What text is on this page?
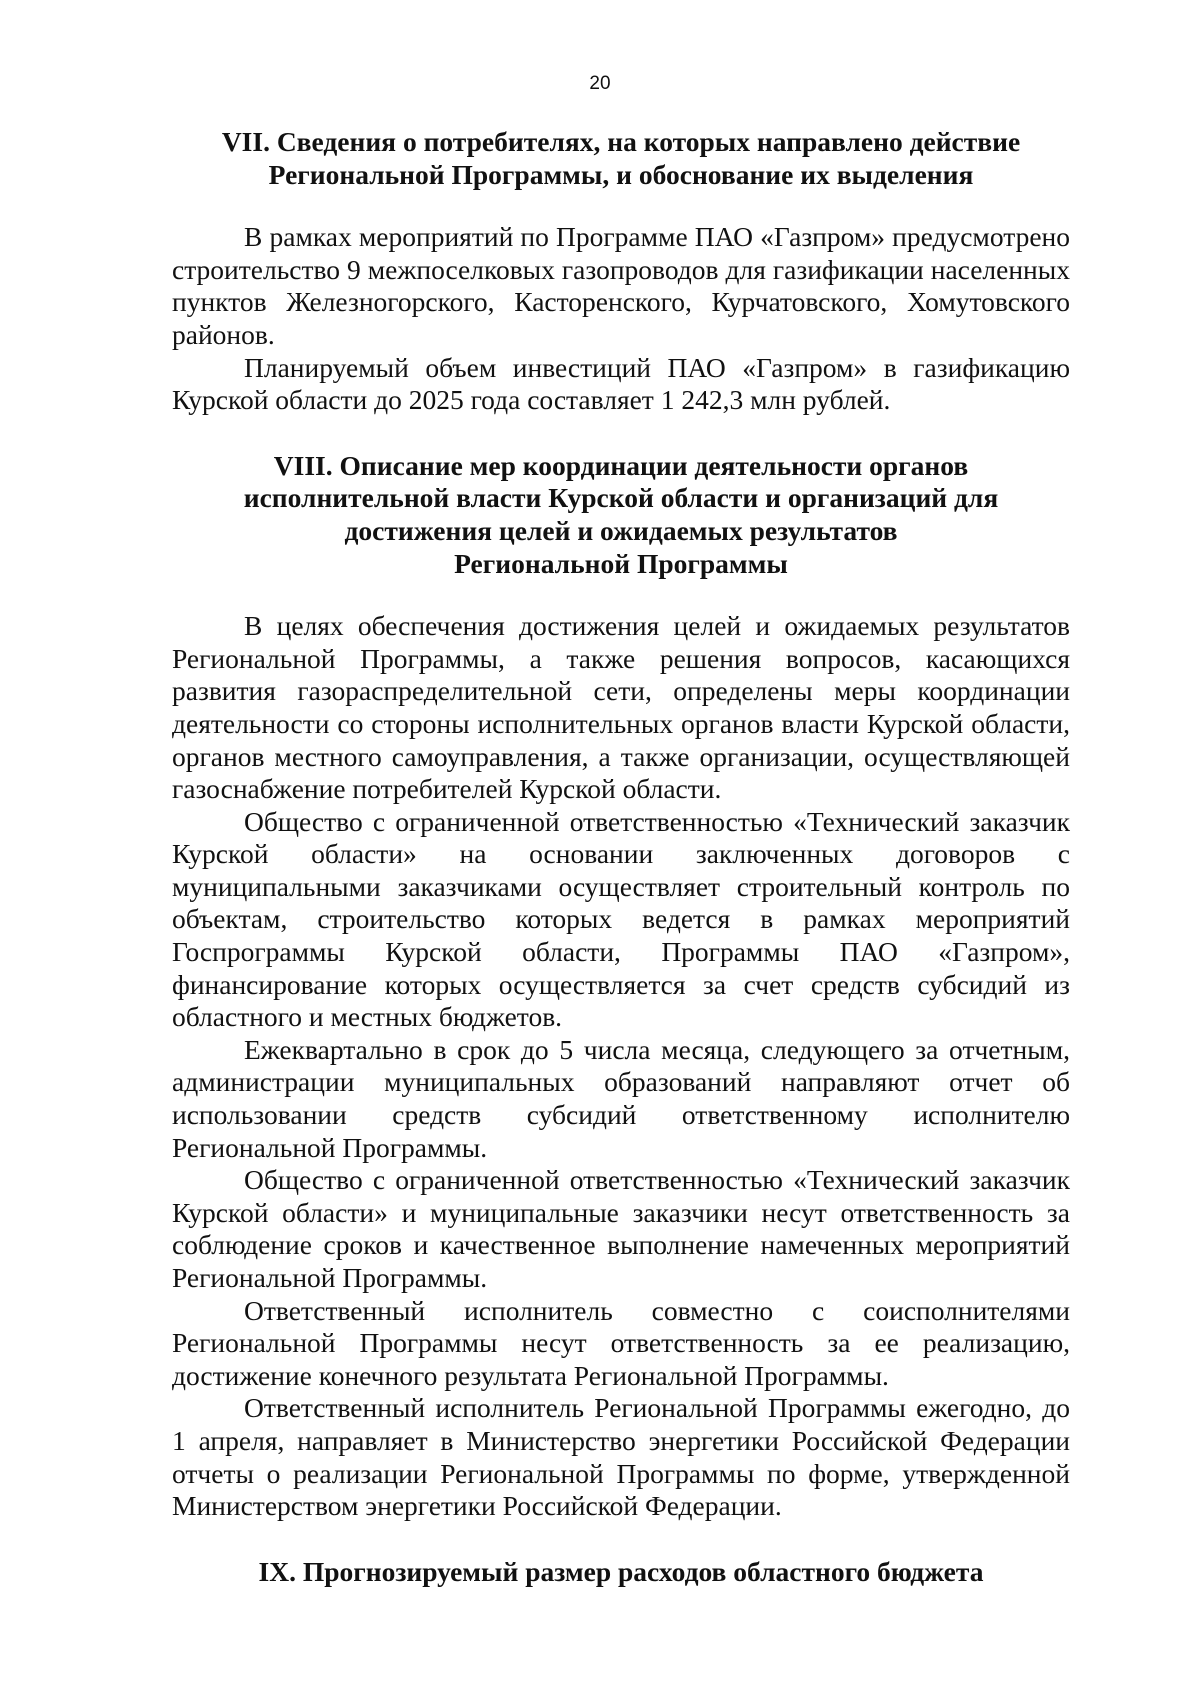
20
VII. Сведения о потребителях, на которых направлено действие
Региональной Программы, и обоснование их выделения

В рамках мероприятий по Программе ПАО «Газпром» предусмотрено строительство 9 межпоселковых газопроводов для газификации населенных пунктов Железногорского, Касторенского, Курчатовского, Хомутовского районов.

Планируемый объем инвестиций ПАО «Газпром» в газификацию Курской области до 2025 года составляет 1 242,3 млн рублей.

VIII. Описание мер координации деятельности органов
исполнительной власти Курской области и организаций для
достижения целей и ожидаемых результатов
Региональной Программы

В целях обеспечения достижения целей и ожидаемых результатов Региональной Программы, а также решения вопросов, касающихся развития газораспределительной сети, определены меры координации деятельности со стороны исполнительных органов власти Курской области, органов местного самоуправления, а также организации, осуществляющей газоснабжение потребителей Курской области.

Общество с ограниченной ответственностью «Технический заказчик Курской области» на основании заключенных договоров с муниципальными заказчиками осуществляет строительный контроль по объектам, строительство которых ведется в рамках мероприятий Госпрограммы Курской области, Программы ПАО «Газпром», финансирование которых осуществляется за счет средств субсидий из областного и местных бюджетов.

Ежеквартально в срок до 5 числа месяца, следующего за отчетным, администрации муниципальных образований направляют отчет об использовании средств субсидий ответственному исполнителю Региональной Программы.

Общество с ограниченной ответственностью «Технический заказчик Курской области» и муниципальные заказчики несут ответственность за соблюдение сроков и качественное выполнение намеченных мероприятий Региональной Программы.

Ответственный исполнитель совместно с соисполнителями Региональной Программы несут ответственность за ее реализацию, достижение конечного результата Региональной Программы.

Ответственный исполнитель Региональной Программы ежегодно, до 1 апреля, направляет в Министерство энергетики Российской Федерации отчеты о реализации Региональной Программы по форме, утвержденной Министерством энергетики Российской Федерации.

IX. Прогнозируемый размер расходов областного бюджета
